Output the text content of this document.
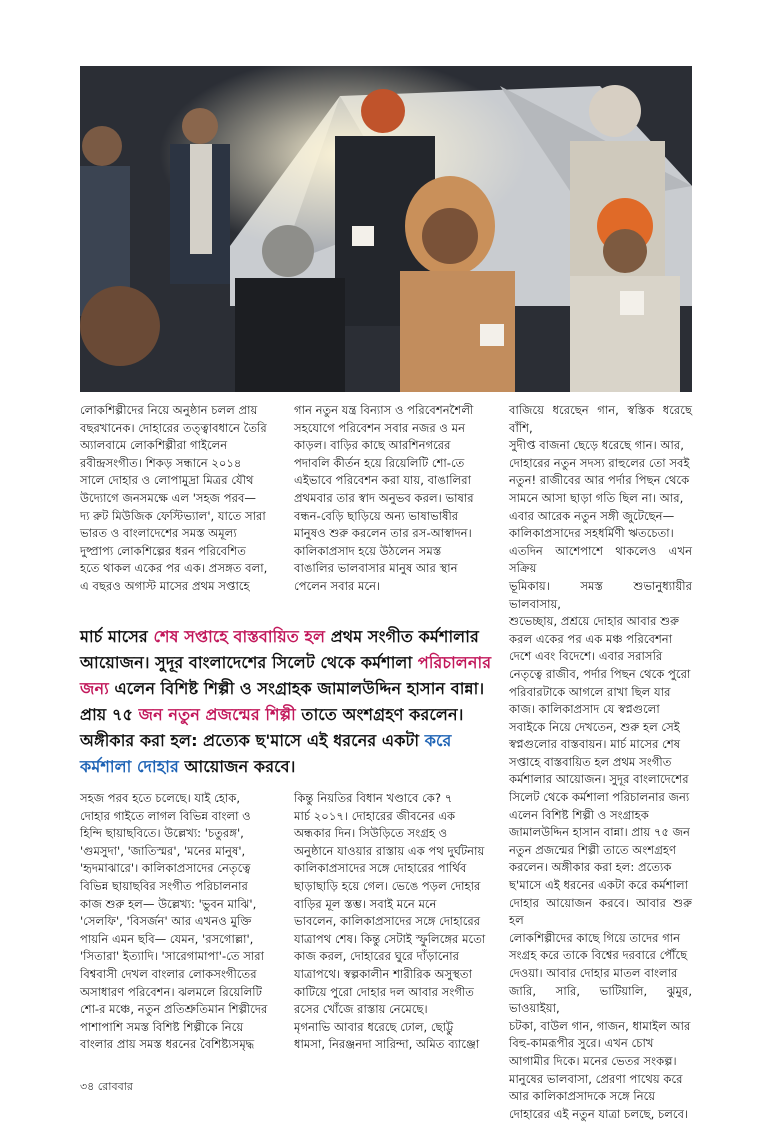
লোকশিল্পীদের নিয়ে অনুষ্ঠান চলল প্রায়
বছরখানেক। দোহারের তত্ত্বাবধানে তৈরি
অ্যালবামে লোকশিল্পীরা গাইলেন
রবীন্দ্রসংগীত। শিকড় সন্ধানে ২০১৪
সালে দোহার ও লোপামুদ্রা মিত্রর যৌথ
উদ্যোগে জনসমক্ষে এল 'সহজ পরব—
দ্য রুট মিউজিক ফেস্টিভ্যাল', যাতে সারা
ভারত ও বাংলাদেশের সমস্ত অমূল্য
দুষ্প্রাপ্য লোকশিল্পের ধরন পরিবেশিত
হতে থাকল একের পর এক। প্রসঙ্গত বলা,
এ বছরও অগাস্ট মাসের প্রথম সপ্তাহে

গান নতুন যন্ত্র বিন্যাস ও পরিবেশনশৈলী
সহযোগে পরিবেশন সবার নজর ও মন
কাড়ল। বাড়ির কাছে আরশিনগরের
পদাবলি কীর্তন হয়ে রিয়েলিটি শো-তে
এইভাবে পরিবেশন করা যায়, বাঙালিরা
প্রথমবার তার স্বাদ অনুভব করল। ভাষার
বন্ধন-বেড়ি ছাড়িয়ে অন্য ভাষাভাষীর
মানুষও শুরু করলেন তার রস-আস্বাদন।
কালিকাপ্রসাদ হয়ে উঠলেন সমস্ত
বাঙালির ভালবাসার মানুষ আর স্থান
পেলেন সবার মনে।

বাজিয়ে ধরেছেন গান, স্বস্তিক ধরেছে বাঁশি,
সুদীপ্ত বাজনা ছেড়ে ধরেছে গান। আর,
দোহারের নতুন সদস্য রাহুলের তো সবই
নতুন! রাজীবের আর পর্দার পিছন থেকে
সামনে আসা ছাড়া গতি ছিল না। আর,
এবার আরেক নতুন সঙ্গী জুটেছেন—
কালিকাপ্রসাদের সহধর্মিণী ঋতচেতা।
এতদিন আশেপাশে থাকলেও এখন সক্রিয়
ভূমিকায়। সমস্ত শুভানুধ্যায়ীর ভালবাসায়,
শুভেচ্ছায়, প্রশ্রয়ে দোহার আবার শুরু
করল একের পর এক মঞ্চ পরিবেশনা
দেশে এবং বিদেশে। এবার সরাসরি
নেতৃত্বে রাজীব, পর্দার পিছন থেকে পুরো
পরিবারটাকে আগলে রাখা ছিল যার
কাজ। কালিকাপ্রসাদ যে স্বপ্নগুলো
সবাইকে নিয়ে দেখতেন, শুরু হল সেই
স্বপ্নগুলোর বাস্তবায়ন। মার্চ মাসের শেষ
সপ্তাহে বাস্তবায়িত হল প্রথম সংগীত
কর্মশালার আয়োজন। সুদূর বাংলাদেশের
সিলেট থেকে কর্মশালা পরিচালনার জন্য
এলেন বিশিষ্ট শিল্পী ও সংগ্রাহক
জামালউদ্দিন হাসান বান্না। প্রায় ৭৫ জন
নতুন প্রজন্মের শিল্পী তাতে অংশগ্রহণ
করলেন। অঙ্গীকার করা হল: প্রত্যেক
ছ'মাসে এই ধরনের একটা করে কর্মশালা
দোহার আয়োজন করবে। আবার শুরু হল
লোকশিল্পীদের কাছে গিয়ে তাদের গান
সংগ্রহ করে তাকে বিশ্বের দরবারে পৌঁছে
দেওয়া। আবার দোহার মাতল বাংলার
জারি, সারি, ভাটিয়ালি, ঝুমুর, ভাওয়াইয়া,
চটকা, বাউল গান, গাজন, ধামাইল আর
বিহু-কামরূপীর সুরে। এখন চোখ
আগামীর দিকে। মনের ভেতর সংকল্প।
মানুষের ভালবাসা, প্রেরণা পাথেয় করে
আর কালিকাপ্রসাদকে সঙ্গে নিয়ে
দোহারের এই নতুন যাত্রা চলছে, চলবে।

মার্চ মাসের শেষ সপ্তাহে বাস্তবায়িত হল প্রথম সংগীত কর্মশালার আয়োজন। সুদূর বাংলাদেশের সিলেট থেকে কর্মশালা পরিচালনার জন্য এলেন বিশিষ্ট শিল্পী ও সংগ্রাহক জামালউদ্দিন হাসান বান্না। প্রায় ৭৫ জন নতুন প্রজন্মের শিল্পী তাতে অংশগ্রহণ করলেন। অঙ্গীকার করা হল: প্রত্যেক ছ'মাসে এই ধরনের একটা করে কর্মশালা দোহার আয়োজন করবে।

সহজ পরব হতে চলেছে। যাই হোক,
দোহার গাইতে লাগল বিভিন্ন বাংলা ও
হিন্দি ছায়াছবিতে। উল্লেখ্য: 'চতুরঙ্গ',
'গুমসুদা', 'জাতিস্মর', 'মনের মানুষ',
'হৃদমাঝারে'। কালিকাপ্রসাদের নেতৃত্বে
বিভিন্ন ছায়াছবির সংগীত পরিচালনার
কাজ শুরু হল— উল্লেখ্য: 'ভুবন মাঝি',
'সেলফি', 'বিসর্জন' আর এখনও মুক্তি
পায়নি এমন ছবি— যেমন, 'রসগোল্লা',
'সিতারা' ইত্যাদি। 'সারেগামাপা'-তে সারা
বিশ্ববাসী দেখল বাংলার লোকসংগীতের
অসাধারণ পরিবেশন। ঝলমলে রিয়েলিটি
শো-র মঞ্চে, নতুন প্রতিশ্রুতিমান শিল্পীদের
পাশাপাশি সমস্ত বিশিষ্ট শিল্পীকে নিয়ে
বাংলার প্রায় সমস্ত ধরনের বৈশিষ্ট্যসমৃদ্ধ

কিন্তু নিয়তির বিধান খণ্ডাবে কে? ৭
মার্চ ২০১৭। দোহারের জীবনের এক
অন্ধকার দিন। সিউড়িতে সংগ্রহ ও
অনুষ্ঠানে যাওয়ার রাস্তায় এক পথ দুর্ঘটনায়
কালিকাপ্রসাদের সঙ্গে দোহারের পার্থিব
ছাড়াছাড়ি হয়ে গেল। ভেঙে পড়ল দোহার
বাড়ির মূল স্তম্ভ। সবাই মনে মনে
ভাবলেন, কালিকাপ্রসাদের সঙ্গে দোহারের
যাত্রাপথ শেষ। কিন্তু সেটাই স্ফুলিঙ্গের মতো
কাজ করল, দোহারের ঘুরে দাঁড়ানোর
যাত্রাপথে। স্বল্পকালীন শারীরিক অসুস্থতা
কাটিয়ে পুরো দোহার দল আবার সংগীত
রসের খোঁজে রাস্তায় নেমেছে।
মৃগনাভি আবার ধরেছে ঢোল, ছোট্টু
ধামসা, নিরঞ্জনদা সারিন্দা, অমিত ব্যাঞ্জো

৩৪ রোববার
